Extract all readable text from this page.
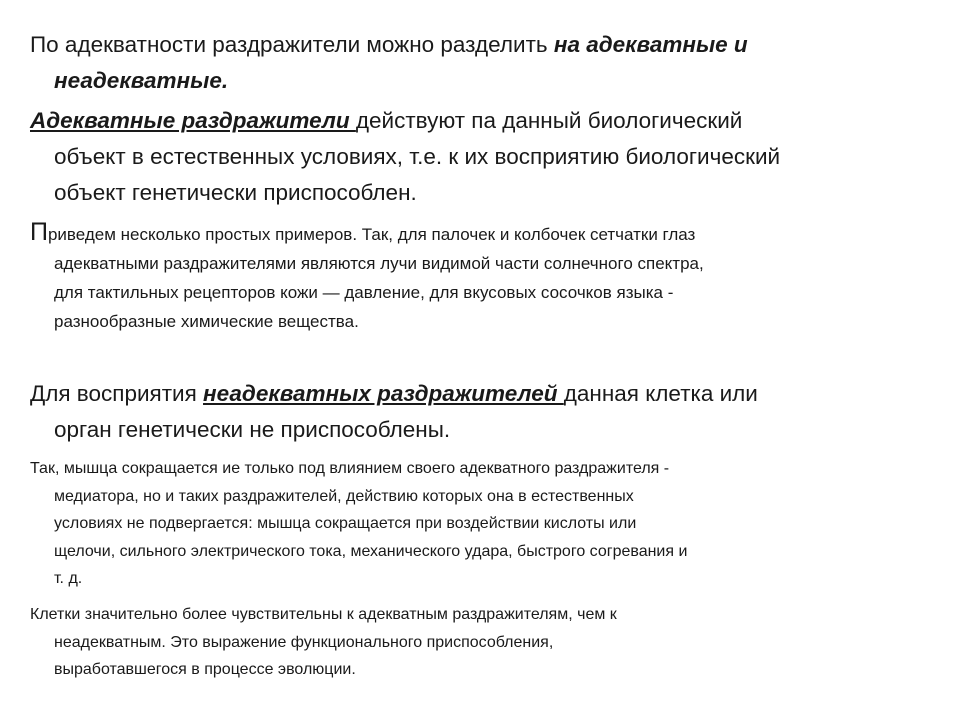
По адекватности раздражители можно разделить на адекватные и
неадекватные.

Адекватные раздражители действуют па данный биологический
объект в естественных условиях, т.е. к их восприятию биологический
объект генетически приспособлен.

Приведем несколько простых примеров. Так, для палочек и колбочек сетчатки глаз
адекватными раздражителями являются лучи видимой части солнечного спектра,
для тактильных рецепторов кожи — давление, для вкусовых сосочков языка -
разнообразные химические вещества.

Для восприятия неадекватных раздражителей данная клетка или
орган генетически не приспособлены.

Так, мышца сокращается ие только под влиянием своего адекватного раздражителя -
медиатора, но и таких раздражителей, действию которых она в естественных
условиях не подвергается: мышца сокращается при воздействии кислоты или
щелочи, сильного электрического тока, механического удара, быстрого согревания и
т. д.

Клетки значительно более чувствительны к адекватным раздражителям, чем к
неадекватным. Это выражение функционального приспособления,
выработавшегося в процессе эволюции.
